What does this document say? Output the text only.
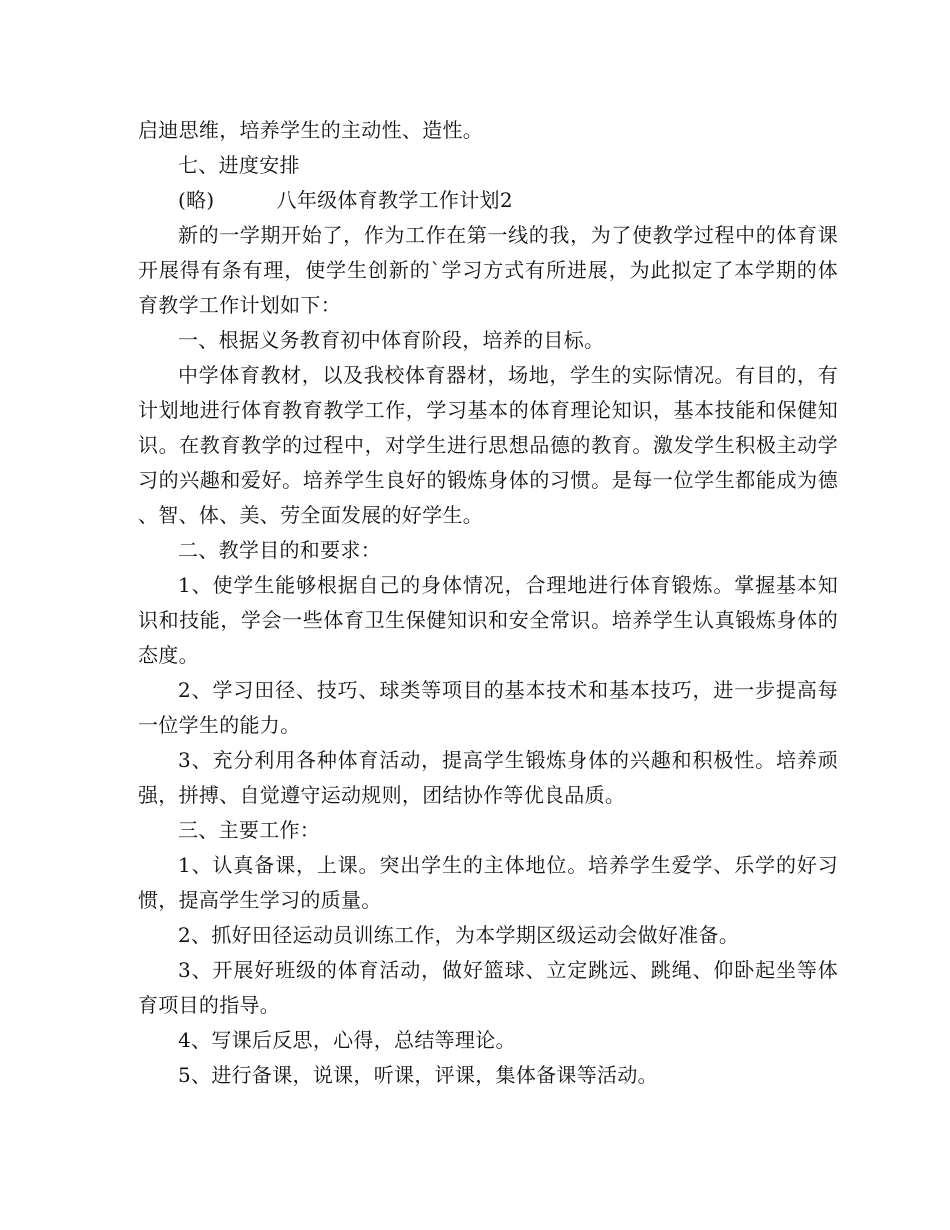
启迪思维，培养学生的主动性、造性。

七、进度安排

(略)	八年级体育教学工作计划2

新的一学期开始了，作为工作在第一线的我，为了使教学过程中的体育课开展得有条有理，使学生创新的`学习方式有所进展，为此拟定了本学期的体育教学工作计划如下：

一、根据义务教育初中体育阶段，培养的目标。

中学体育教材，以及我校体育器材，场地，学生的实际情况。有目的，有计划地进行体育教育教学工作，学习基本的体育理论知识，基本技能和保健知识。在教育教学的过程中，对学生进行思想品德的教育。激发学生积极主动学习的兴趣和爱好。培养学生良好的锻炼身体的习惯。是每一位学生都能成为德、智、体、美、劳全面发展的好学生。

二、教学目的和要求：

1、使学生能够根据自己的身体情况，合理地进行体育锻炼。掌握基本知识和技能，学会一些体育卫生保健知识和安全常识。培养学生认真锻炼身体的态度。

2、学习田径、技巧、球类等项目的基本技术和基本技巧，进一步提高每一位学生的能力。

3、充分利用各种体育活动，提高学生锻炼身体的兴趣和积极性。培养顽强，拼搏、自觉遵守运动规则，团结协作等优良品质。

三、主要工作：

1、认真备课，上课。突出学生的主体地位。培养学生爱学、乐学的好习惯，提高学生学习的质量。

2、抓好田径运动员训练工作，为本学期区级运动会做好准备。

3、开展好班级的体育活动，做好篮球、立定跳远、跳绳、仰卧起坐等体育项目的指导。

4、写课后反思，心得，总结等理论。

5、进行备课，说课，听课，评课，集体备课等活动。
